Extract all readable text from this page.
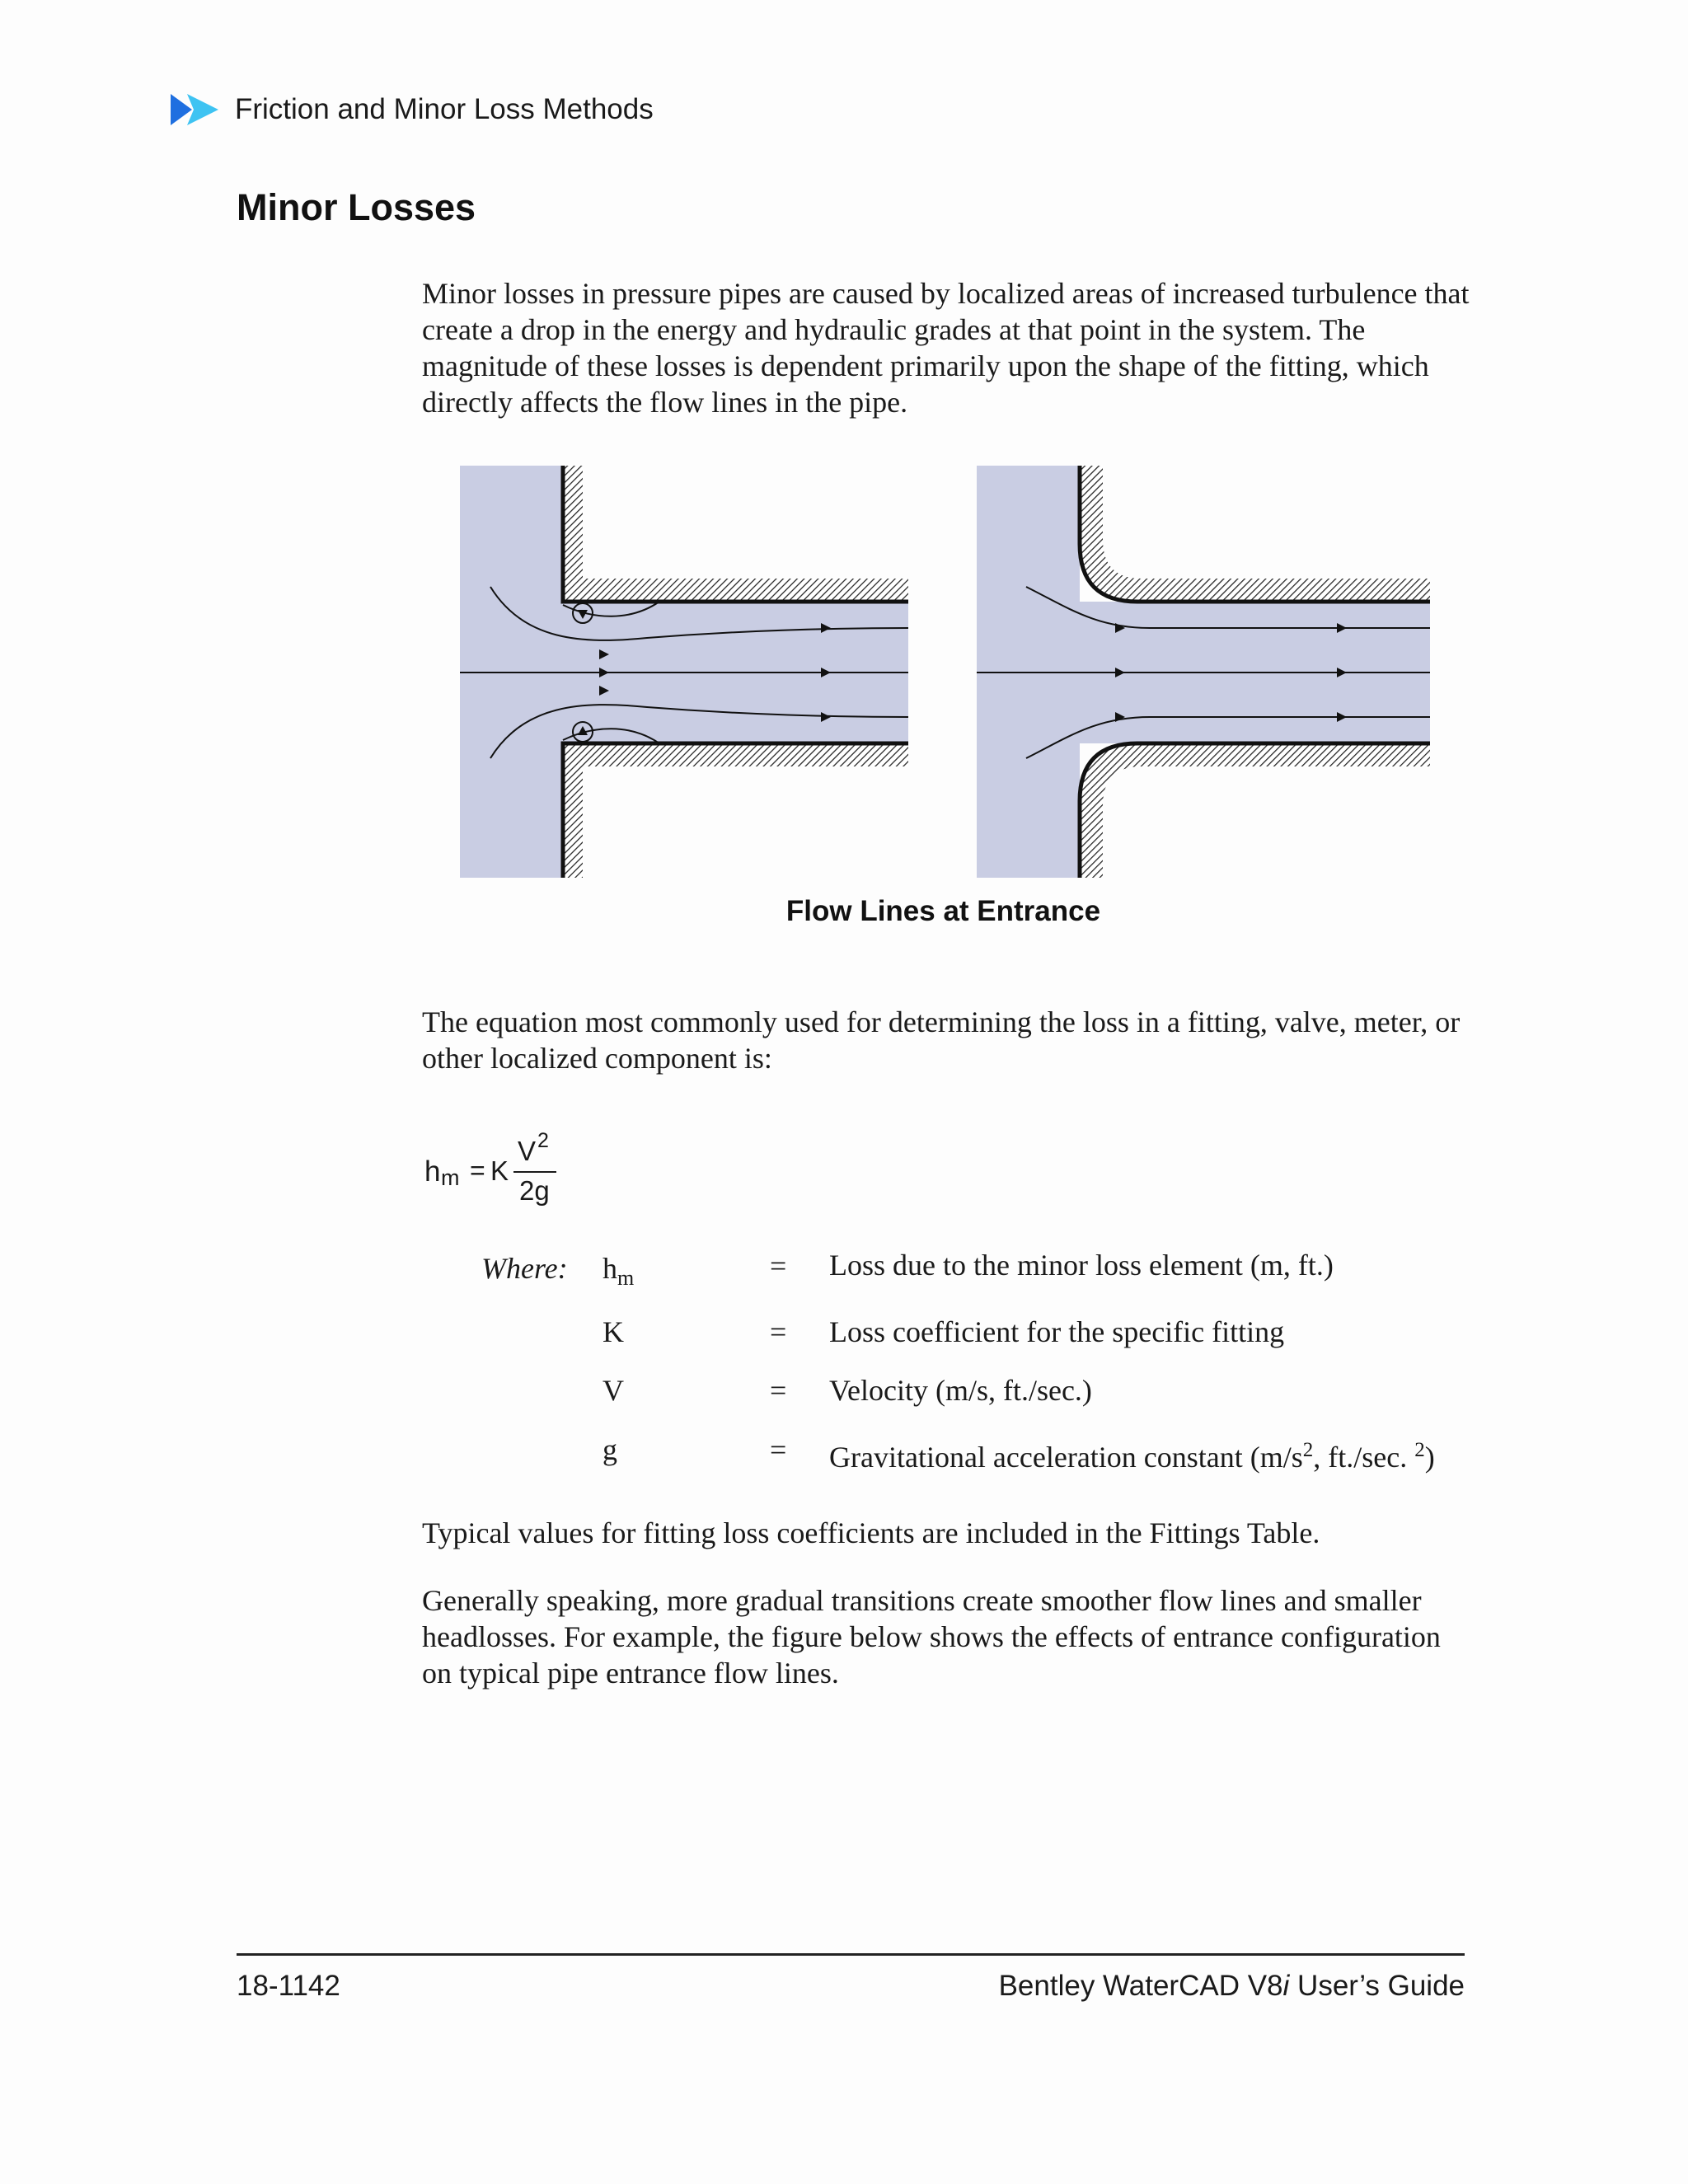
Friction and Minor Loss Methods
Minor Losses
Minor losses in pressure pipes are caused by localized areas of increased turbulence that create a drop in the energy and hydraulic grades at that point in the system. The magnitude of these losses is dependent primarily upon the shape of the fitting, which directly affects the flow lines in the pipe.
Flow Lines at Entrance
The equation most commonly used for determining the loss in a fitting, valve, meter, or other localized component is:
h m = K
V 2
2g
Where: $h_m$	= Loss due to the minor loss element (m, ft.)
K	= Loss coefficient for the specific fitting
V	= Velocity (m/s, ft./sec.)
g	= Gravitational acceleration constant ($m/s^2$, ft./sec. $^2$)
Typical values for fitting loss coefficients are included in the Fittings Table.
Generally speaking, more gradual transitions create smoother flow lines and smaller headlosses. For example, the figure below shows the effects of entrance configuration on typical pipe entrance flow lines.
18-1142	Bentley WaterCAD V8i User’s Guide
